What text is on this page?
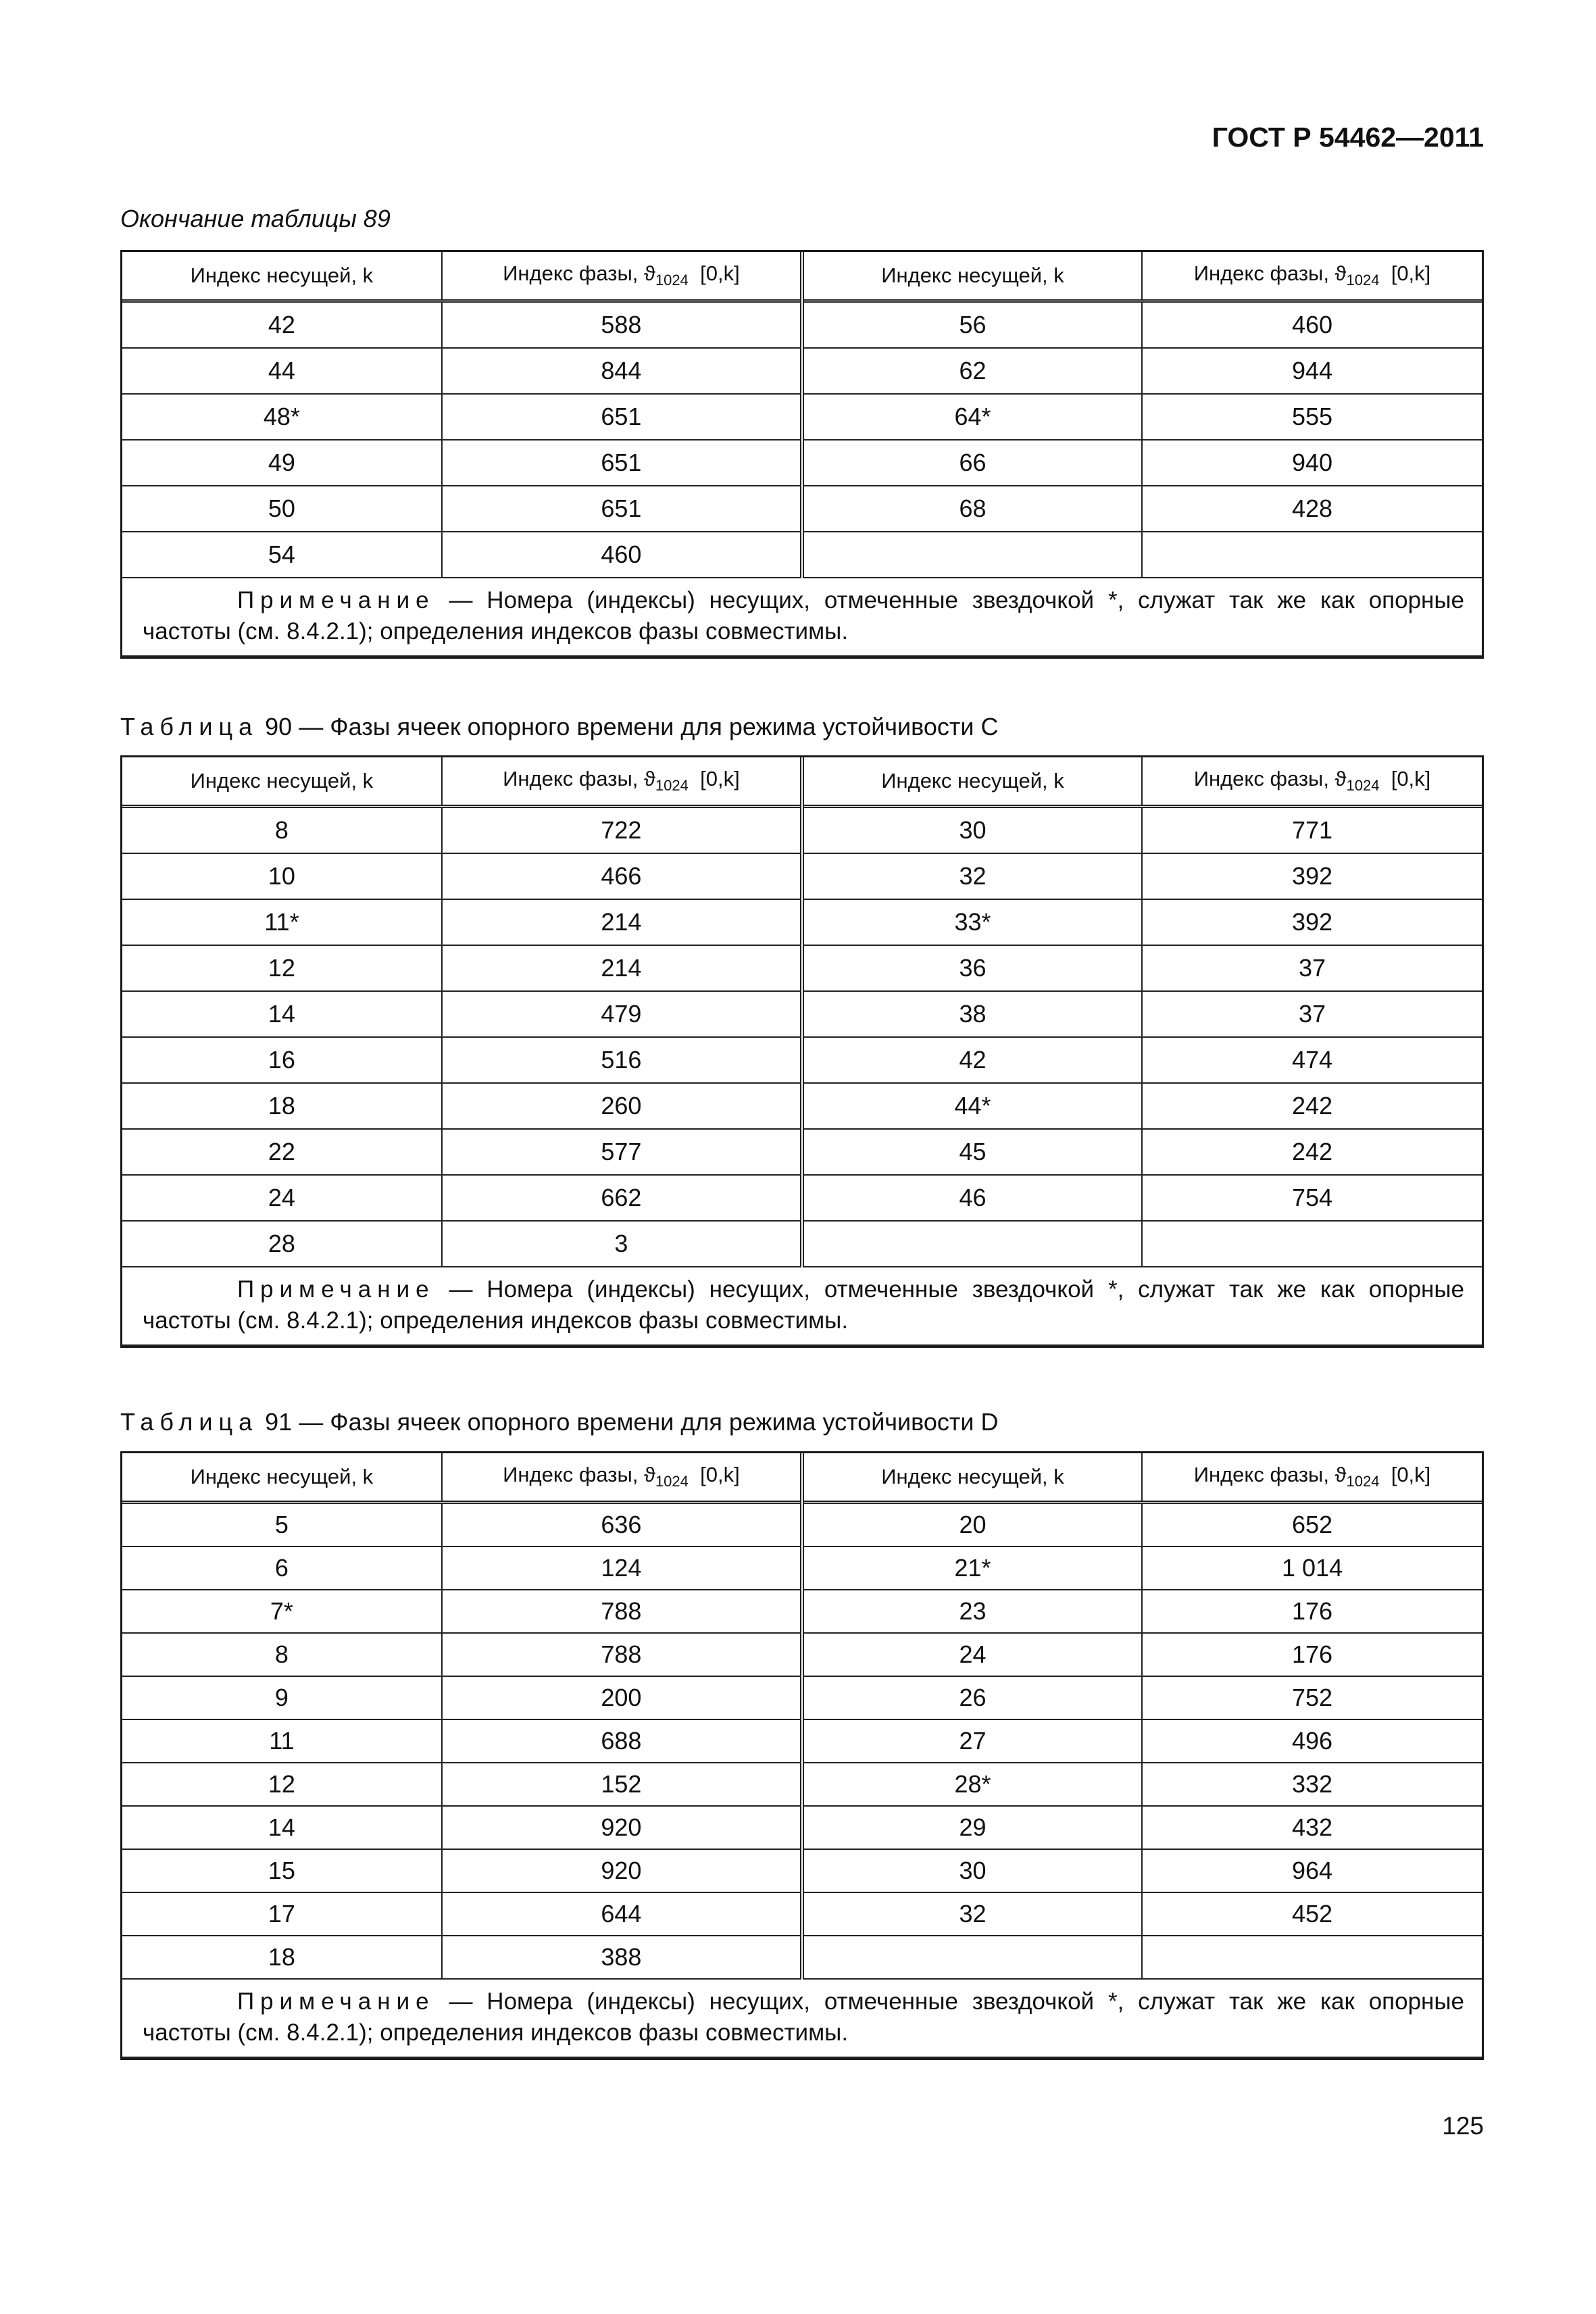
ГОСТ Р 54462—2011
Окончание таблицы 89
Индекс несущей, k	Индекс фазы, $ϑ_{1024}$ [0,k]	Индекс несущей, k	Индекс фазы, $ϑ_{1024}$ [0,k]
42	588	56	460
44	844	62	944
48*	651	64*	555
49	651	66	940
50	651	68	428
54	460		
Примечание — Номера (индексы) несущих, отмеченные звездочкой *, служат так же как опорные частоты (см. 8.4.2.1); определения индексов фазы совместимы.			
Таблица 90 — Фазы ячеек опорного времени для режима устойчивости С
Индекс несущей, k	Индекс фазы, $ϑ_{1024}$ [0,k]	Индекс несущей, k	Индекс фазы, $ϑ_{1024}$ [0,k]
8	722	30	771
10	466	32	392
11*	214	33*	392
12	214	36	37
14	479	38	37
16	516	42	474
18	260	44*	242
22	577	45	242
24	662	46	754
28	3		
Примечание — Номера (индексы) несущих, отмеченные звездочкой *, служат так же как опорные частоты (см. 8.4.2.1); определения индексов фазы совместимы.			
Таблица 91 — Фазы ячеек опорного времени для режима устойчивости D
Индекс несущей, k	Индекс фазы, $ϑ_{1024}$ [0,k]	Индекс несущей, k	Индекс фазы, $ϑ_{1024}$ [0,k]
5	636	20	652
6	124	21*	1 014
7*	788	23	176
8	788	24	176
9	200	26	752
11	688	27	496
12	152	28*	332
14	920	29	432
15	920	30	964
17	644	32	452
18	388		
Примечание — Номера (индексы) несущих, отмеченные звездочкой *, служат так же как опорные частоты (см. 8.4.2.1); определения индексов фазы совместимы.			
125
